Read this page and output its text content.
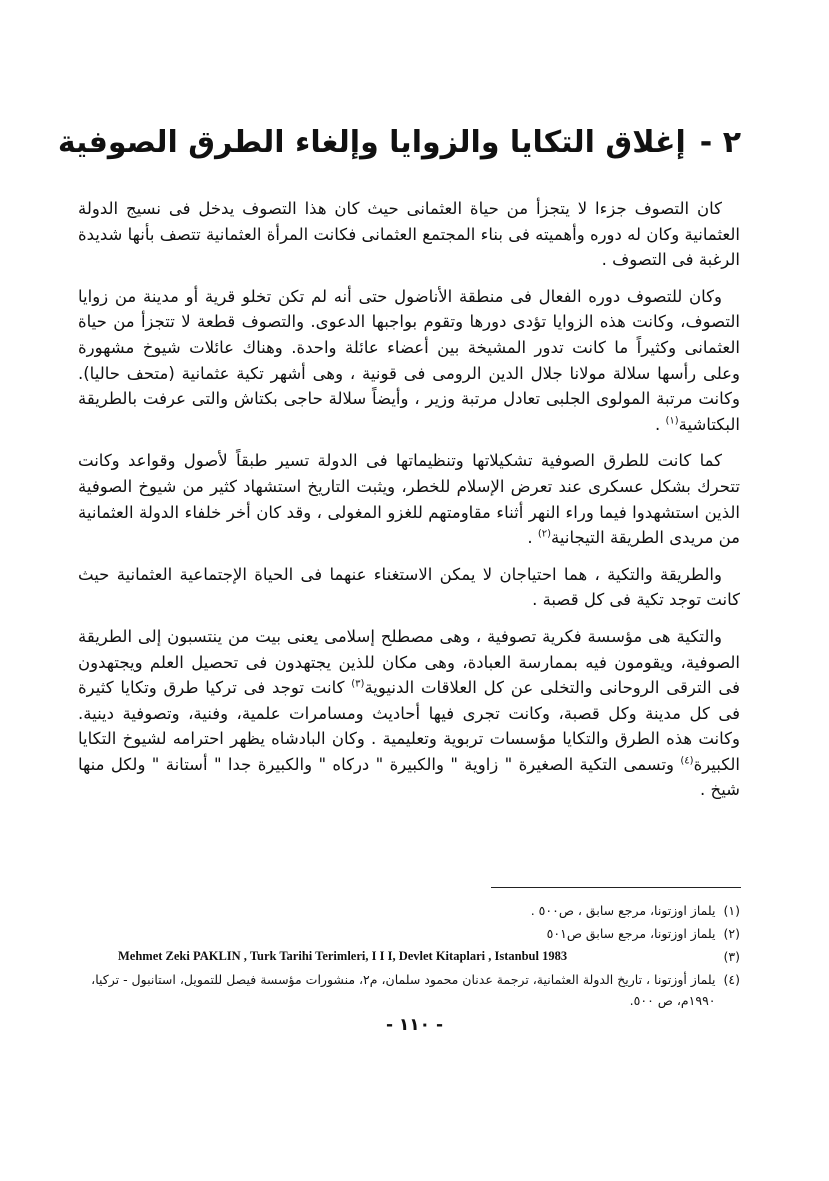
٢ -إغلاق التكايا والزوايا وإلغاء الطرق الصوفية

كان التصوف جزءا لا يتجزأ من حياة العثمانى حيث كان هذا التصوف يدخل فى نسيج الدولة العثمانية وكان له دوره وأهميته فى بناء المجتمع العثمانى فكانت المرأة العثمانية تتصف بأنها شديدة الرغبة فى التصوف .

وكان للتصوف دوره الفعال فى منطقة الأناضول حتى أنه لم تكن تخلو قرية أو مدينة من زوايا التصوف، وكانت هذه الزوايا تؤدى دورها وتقوم بواجبها الدعوى. والتصوف قطعة لا تتجزأ من حياة العثمانى وكثيراً ما كانت تدور المشيخة بين أعضاء عائلة واحدة. وهناك عائلات شيوخ مشهورة وعلى رأسها سلالة مولانا جلال الدين الرومى فى قونية ، وهى أشهر تكية عثمانية (متحف حاليا). وكانت مرتبة المولوى الجلبى تعادل مرتبة وزير ، وأيضاً سلالة حاجى بكتاش والتى عرفت بالطريقة البكتاشية$^{(١)}$ .

كما كانت للطرق الصوفية تشكيلاتها وتنظيماتها فى الدولة تسير طبقاً لأصول وقواعد وكانت تتحرك بشكل عسكرى عند تعرض الإسلام للخطر، ويثبت التاريخ استشهاد كثير من شيوخ الصوفية الذين استشهدوا فيما وراء النهر أثناء مقاومتهم للغزو المغولى ، وقد كان أخر خلفاء الدولة العثمانية من مريدى الطريقة التيجانية$^{(٢)}$ .

والطريقة والتكية ، هما احتياجان لا يمكن الاستغناء عنهما فى الحياة الإجتماعية العثمانية حيث كانت توجد تكية فى كل قصبة .

والتكية هى مؤسسة فكرية تصوفية ، وهى مصطلح إسلامى يعنى بيت من ينتسبون إلى الطريقة الصوفية، ويقومون فيه بممارسة العبادة، وهى مكان للذين يجتهدون فى تحصيل العلم ويجتهدون فى الترقى الروحانى والتخلى عن كل العلاقات الدنيوية$^{(٣)}$ كانت توجد فى تركيا طرق وتكايا كثيرة فى كل مدينة وكل قصبة، وكانت تجرى فيها أحاديث ومسامرات علمية، وفنية، وتصوفية دينية. وكانت هذه الطرق والتكايا مؤسسات تربوية وتعليمية . وكان البادشاه يظهر احترامه لشيوخ التكايا الكبيرة$^{(٤)}$ وتسمى التكية الصغيرة " زاوية " والكبيرة " دركاه " والكبيرة جدا " أستانة " ولكل منها شيخ .

(١)
يلماز اوزتونا، مرجع سابق ، ص٥٠٠ .
(٢)
يلماز اوزتونا، مرجع سابق ص٥٠١
(٣)
Mehmet Zeki PAKLIN , Turk Tarihi Terimleri, I I I, Devlet Kitaplari , Istanbul 1983
(٤)
يلماز أوزتونا ، تاريخ الدولة العثمانية، ترجمة عدنان محمود سلمان، م٢، منشورات مؤسسة فيصل للتمويل، استانبول - تركيا، ١٩٩٠م، ص ٥٠٠.
- ١١٠ -
